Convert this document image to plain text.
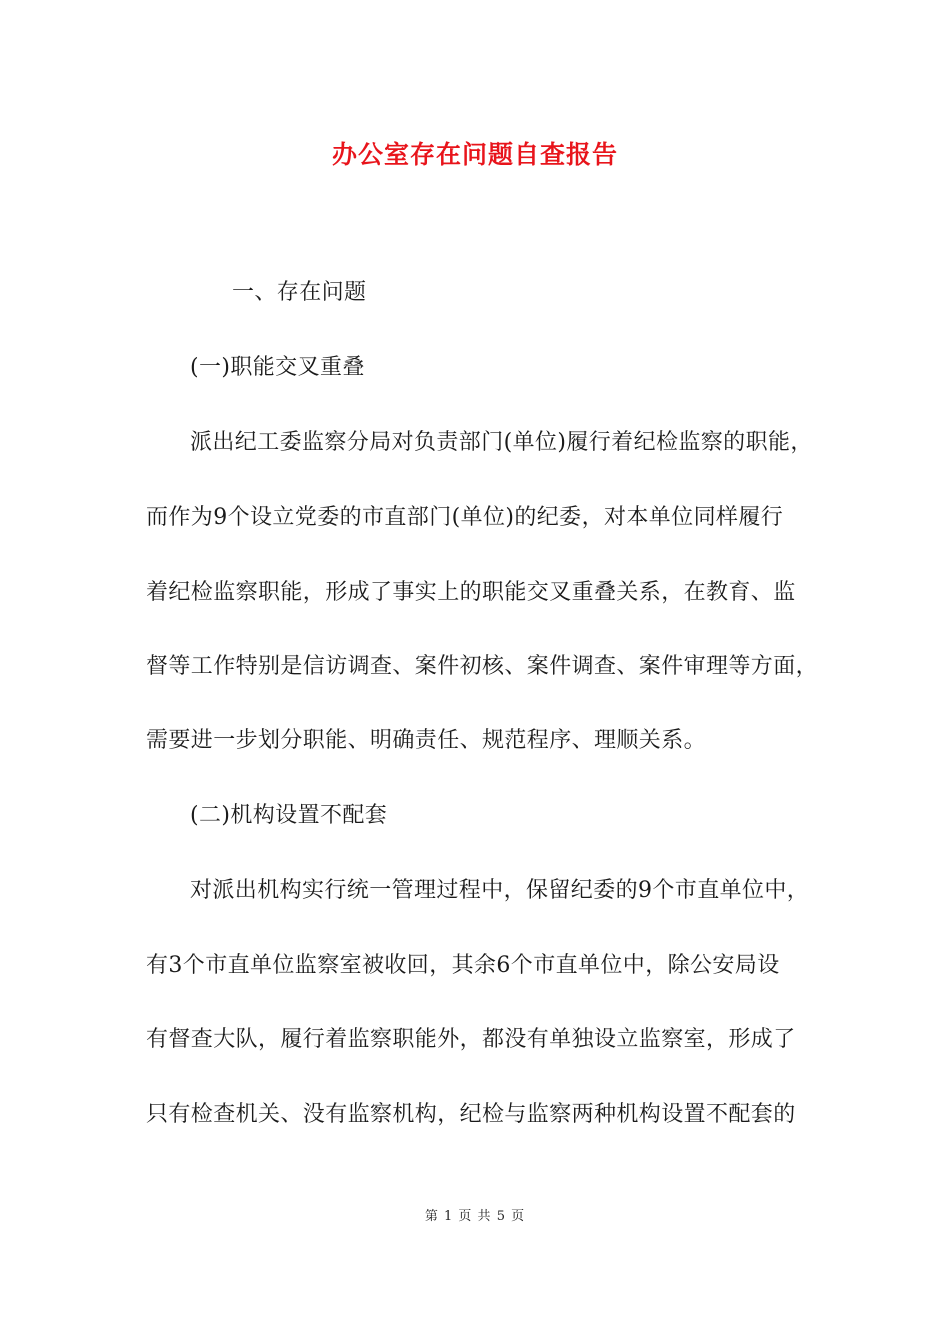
办公室存在问题自查报告
一、存在问题
(一)职能交叉重叠
派出纪工委监察分局对负责部门(单位)履行着纪检监察的职能，
而作为9个设立党委的市直部门(单位)的纪委，对本单位同样履行
着纪检监察职能，形成了事实上的职能交叉重叠关系，在教育、监
督等工作特别是信访调查、案件初核、案件调查、案件审理等方面，
需要进一步划分职能、明确责任、规范程序、理顺关系。
(二)机构设置不配套
对派出机构实行统一管理过程中，保留纪委的9个市直单位中，
有3个市直单位监察室被收回，其余6个市直单位中，除公安局设
有督查大队，履行着监察职能外，都没有单独设立监察室，形成了
只有检查机关、没有监察机构，纪检与监察两种机构设置不配套的
第 1 页 共 5 页
